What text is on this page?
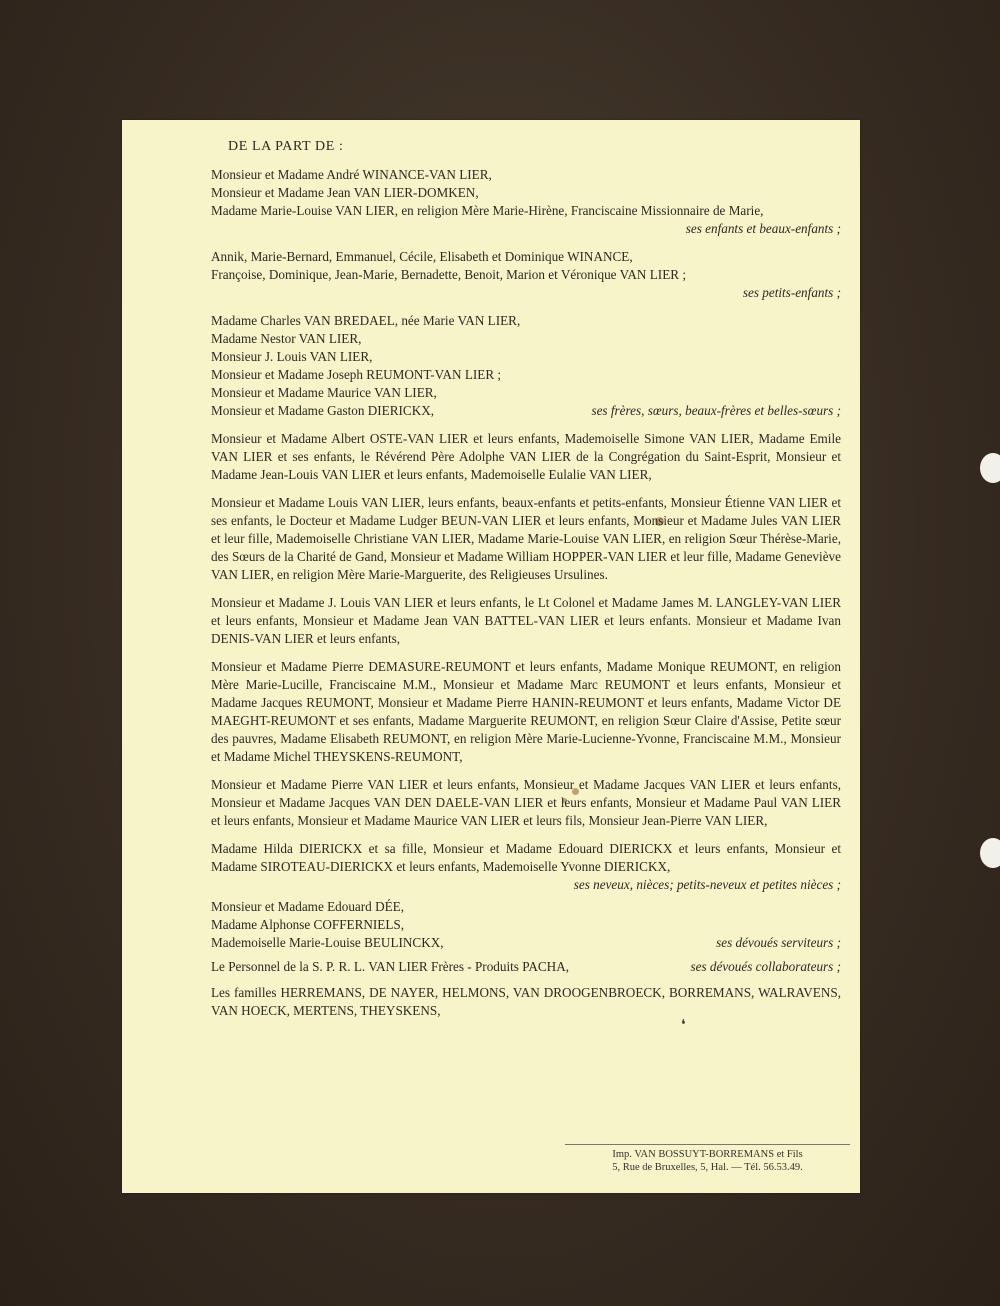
DE LA PART DE :
Monsieur et Madame André WINANCE-VAN LIER,
Monsieur et Madame Jean VAN LIER-DOMKEN,
Madame Marie-Louise VAN LIER, en religion Mère Marie-Hirène, Franciscaine Missionnaire de Marie,
ses enfants et beaux-enfants ;
Annik, Marie-Bernard, Emmanuel, Cécile, Elisabeth et Dominique WINANCE,
Françoise, Dominique, Jean-Marie, Bernadette, Benoit, Marion et Véronique VAN LIER ;
ses petits-enfants ;
Madame Charles VAN BREDAEL, née Marie VAN LIER,
Madame Nestor VAN LIER,
Monsieur J. Louis VAN LIER,
Monsieur et Madame Joseph REUMONT-VAN LIER ;
Monsieur et Madame Maurice VAN LIER,
Monsieur et Madame Gaston DIERICKX,	ses frères, sœurs, beaux-frères et belles-sœurs ;
Monsieur et Madame Albert OSTE-VAN LIER et leurs enfants, Mademoiselle Simone VAN LIER, Madame Emile VAN LIER et ses enfants, le Révérend Père Adolphe VAN LIER de la Congrégation du Saint-Esprit, Monsieur et Madame Jean-Louis VAN LIER et leurs enfants, Mademoiselle Eulalie VAN LIER,
Monsieur et Madame Louis VAN LIER, leurs enfants, beaux-enfants et petits-enfants, Monsieur Étienne VAN LIER et ses enfants, le Docteur et Madame Ludger BEUN-VAN LIER et leurs enfants, Monsieur et Madame Jules VAN LIER et leur fille, Mademoiselle Christiane VAN LIER, Madame Marie-Louise VAN LIER, en religion Sœur Thérèse-Marie, des Sœurs de la Charité de Gand, Monsieur et Madame William HOPPER-VAN LIER et leur fille, Madame Geneviève VAN LIER, en religion Mère Marie-Marguerite, des Religieuses Ursulines.
Monsieur et Madame J. Louis VAN LIER et leurs enfants, le Lt Colonel et Madame James M. LANGLEY-VAN LIER et leurs enfants, Monsieur et Madame Jean VAN BATTEL-VAN LIER et leurs enfants. Monsieur et Madame Ivan DENIS-VAN LIER et leurs enfants,
Monsieur et Madame Pierre DEMASURE-REUMONT et leurs enfants, Madame Monique REUMONT, en religion Mère Marie-Lucille, Franciscaine M.M., Monsieur et Madame Marc REUMONT et leurs enfants, Monsieur et Madame Jacques REUMONT, Monsieur et Madame Pierre HANIN-REUMONT et leurs enfants, Madame Victor DE MAEGHT-REUMONT et ses enfants, Madame Marguerite REUMONT, en religion Sœur Claire d'Assise, Petite sœur des pauvres, Madame Elisabeth REUMONT, en religion Mère Marie-Lucienne-Yvonne, Franciscaine M.M., Monsieur et Madame Michel THEYSKENS-REUMONT,
Monsieur et Madame Pierre VAN LIER et leurs enfants, Monsieur et Madame Jacques VAN LIER et leurs enfants, Monsieur et Madame Jacques VAN DEN DAELE-VAN LIER et leurs enfants, Monsieur et Madame Paul VAN LIER et leurs enfants, Monsieur et Madame Maurice VAN LIER et leurs fils, Monsieur Jean-Pierre VAN LIER,
Madame Hilda DIERICKX et sa fille, Monsieur et Madame Edouard DIERICKX et leurs enfants, Monsieur et Madame SIROTEAU-DIERICKX et leurs enfants, Mademoiselle Yvonne DIERICKX,
ses neveux, nièces; petits-neveux et petites nièces ;
Monsieur et Madame Edouard DÉE,
Madame Alphonse COFFERNIELS,
Mademoiselle Marie-Louise BEULINCKX,	ses dévoués serviteurs ;
Le Personnel de la S. P. R. L. VAN LIER Frères - Produits PACHA,	ses dévoués collaborateurs ;
Les familles HERREMANS, DE NAYER, HELMONS, VAN DROOGENBROECK, BORREMANS, WALRAVENS, VAN HOECK, MERTENS, THEYSKENS,
❛
Imp. VAN BOSSUYT-BORREMANS et Fils
5, Rue de Bruxelles, 5, Hal. — Tél. 56.53.49.
